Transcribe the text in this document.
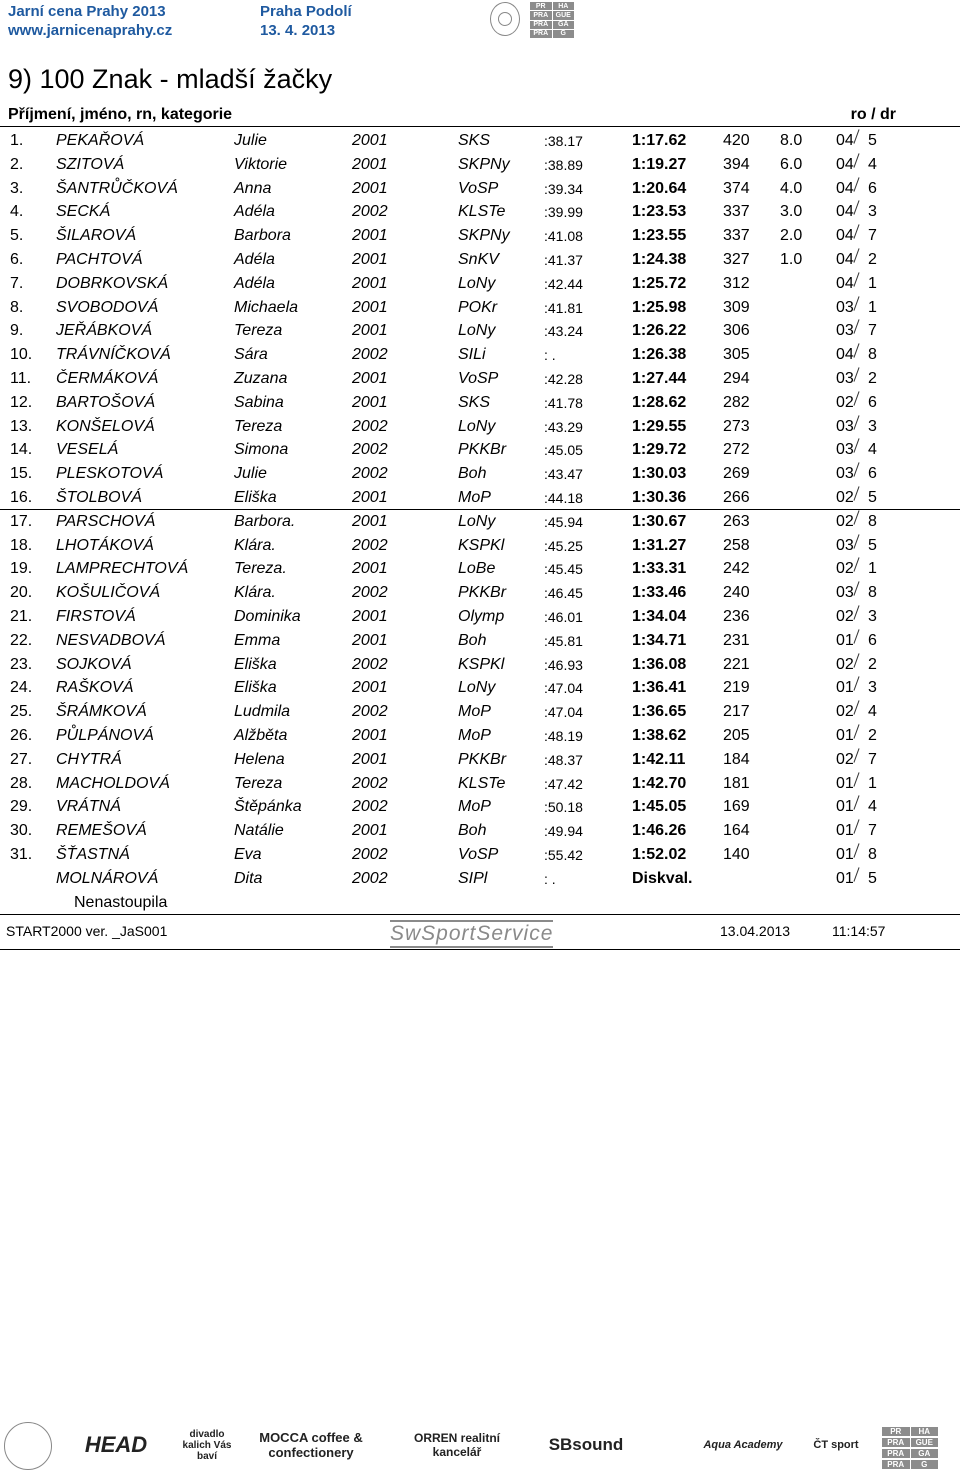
Jarní cena Prahy 2013
www.jarnicenaprahy.cz
Praha Podolí
13. 4. 2013
PR	HA
PRA	GUE
PRA	GA
PRA	G
9) 100 Znak - mladší žačky
Příjmení, jméno, rn, kategorie	ro / dr
1. PEKAŘOVÁ	Julie	2001	SKS	:38.17	1:17.62 420 8.0 04 5
2. SZITOVÁ	Viktorie	2001	SKPNy :38.89	1:19.27 394 6.0 04 4
3. ŠANTRŮČKOVÁ	Anna	2001	VoSP	:39.34	1:20.64 374 4.0 04 6
4. SECKÁ	Adéla	2002	KLSTe	:39.99	1:23.53 337 3.0 04 3
5. ŠILAROVÁ	Barbora	2001	SKPNy :41.08	1:23.55 337 2.0 04 7
6. PACHTOVÁ	Adéla	2001	SnKV	:41.37	1:24.38 327 1.0 04 2
7. DOBRKOVSKÁ	Adéla	2001	LoNy	:42.44	1:25.72 312	04 1
8. SVOBODOVÁ	Michaela	2001	POKr	:41.81	1:25.98 309	03 1
9. JEŘÁBKOVÁ	Tereza	2001	LoNy	:43.24	1:26.22 306	03 7
10. TRÁVNÍČKOVÁ	Sára	2002	SILi	: .	1:26.38 305	04 8
11. ČERMÁKOVÁ	Zuzana	2001	VoSP	:42.28	1:27.44 294	03 2
12. BARTOŠOVÁ	Sabina	2001	SKS	:41.78	1:28.62 282	02 6
13. KONŠELOVÁ	Tereza	2002	LoNy	:43.29	1:29.55 273	03 3
14. VESELÁ	Simona	2002	PKKBr	:45.05	1:29.72 272	03 4
15. PLESKOTOVÁ	Julie	2002	Boh	:43.47	1:30.03 269	03 6
16. ŠTOLBOVÁ	Eliška	2001	MoP	:44.18	1:30.36 266	02 5
17. PARSCHOVÁ	Barbora.	2001	LoNy	:45.94	1:30.67 263	02 8
18. LHOTÁKOVÁ	Klára.	2002	KSPKl	:45.25	1:31.27 258	03 5
19. LAMPRECHTOVÁ	Tereza.	2001	LoBe	:45.45	1:33.31 242	02 1
20. KOŠULIČOVÁ	Klára.	2002	PKKBr	:46.45	1:33.46 240	03 8
21. FIRSTOVÁ	Dominika	2001	Olymp	:46.01	1:34.04 236	02 3
22. NESVADBOVÁ	Emma	2001	Boh	:45.81	1:34.71 231	01 6
23. SOJKOVÁ	Eliška	2002	KSPKl	:46.93	1:36.08 221	02 2
24. RAŠKOVÁ	Eliška	2001	LoNy	:47.04	1:36.41 219	01 3
25. ŠRÁMKOVÁ	Ludmila	2002	MoP	:47.04	1:36.65 217	02 4
26. PŮLPÁNOVÁ	Alžběta	2001	MoP	:48.19	1:38.62 205	01 2
27. CHYTRÁ	Helena	2001	PKKBr	:48.37	1:42.11 184	02 7
28. MACHOLDOVÁ	Tereza	2002	KLSTe	:47.42	1:42.70 181	01 1
29. VRÁTNÁ	Štěpánka	2002	MoP	:50.18	1:45.05 169	01 4
30. REMEŠOVÁ	Natálie	2001	Boh	:49.94	1:46.26 164	01 7
31. ŠŤASTNÁ	Eva	2002	VoSP	:55.42	1:52.02 140	01 8
MOLNÁROVÁ	Dita	2002	SIPl	: .	Diskval.	01 5
Nenastoupila
START2000 ver. _JaS001	SwSportService	13.04.2013	11:14:57
HEAD	divadlo kalich Vás baví
MOCCA coffee & confectionery
ORREN realitní kancelář	SBsound	Aqua Academy	ČT sport
PR	HA
PRA	GUE
PRA	GA
PRA	G
